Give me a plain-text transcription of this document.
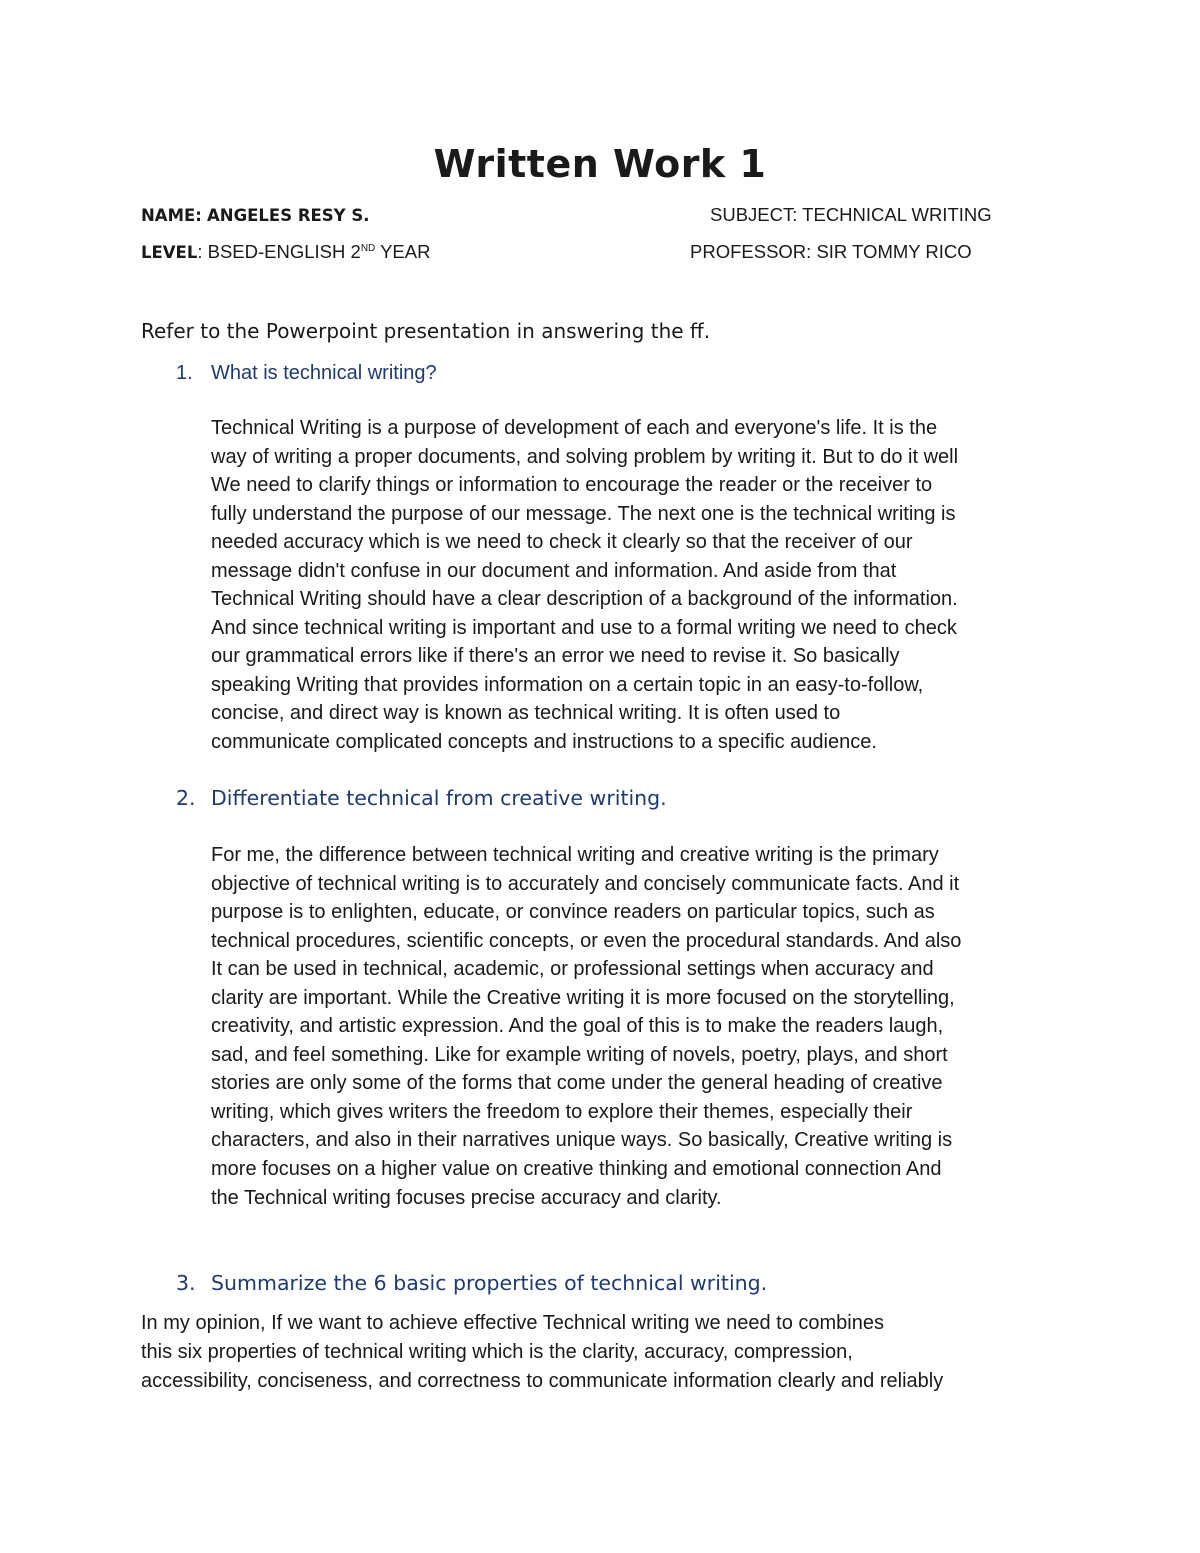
Written Work 1
NAME: ANGELES RESY S.	SUBJECT: TECHNICAL WRITING
LEVEL: BSED-ENGLISH 2ND YEAR	PROFESSOR: SIR TOMMY RICO
Refer to the Powerpoint presentation in answering the ff.
1. What is technical writing?

Technical Writing is a purpose of development of each and everyone's life. It is the
way of writing a proper documents, and solving problem by writing it. But to do it well
We need to clarify things or information to encourage the reader or the receiver to
fully understand the purpose of our message. The next one is the technical writing is
needed accuracy which is we need to check it clearly so that the receiver of our
message didn't confuse in our document and information. And aside from that
Technical Writing should have a clear description of a background of the information.
And since technical writing is important and use to a formal writing we need to check
our grammatical errors like if there's an error we need to revise it. So basically
speaking Writing that provides information on a certain topic in an easy-to-follow,
concise, and direct way is known as technical writing. It is often used to
communicate complicated concepts and instructions to a specific audience.

2. Differentiate technical from creative writing.

For me, the difference between technical writing and creative writing is the primary
objective of technical writing is to accurately and concisely communicate facts. And it
purpose is to enlighten, educate, or convince readers on particular topics, such as
technical procedures, scientific concepts, or even the procedural standards. And also
It can be used in technical, academic, or professional settings when accuracy and
clarity are important. While the Creative writing it is more focused on the storytelling,
creativity, and artistic expression. And the goal of this is to make the readers laugh,
sad, and feel something. Like for example writing of novels, poetry, plays, and short
stories are only some of the forms that come under the general heading of creative
writing, which gives writers the freedom to explore their themes, especially their
characters, and also in their narratives unique ways. So basically, Creative writing is
more focuses on a higher value on creative thinking and emotional connection And
the Technical writing focuses precise accuracy and clarity.

3. Summarize the 6 basic properties of technical writing.

In my opinion, If we want to achieve effective Technical writing we need to combines
this six properties of technical writing which is the clarity, accuracy, compression,
accessibility, conciseness, and correctness to communicate information clearly and reliably
